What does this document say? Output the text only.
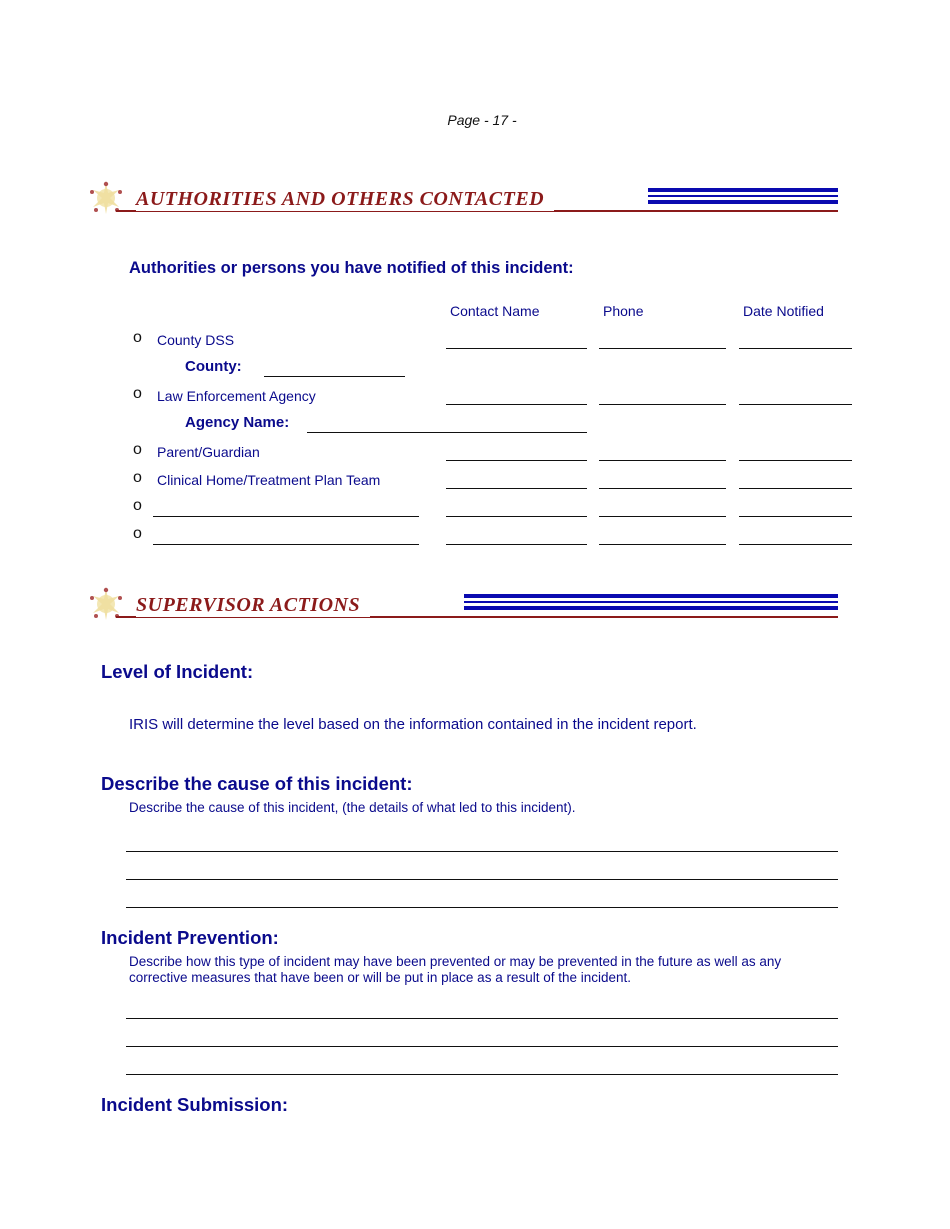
Page - 17 -
AUTHORITIES AND OTHERS CONTACTED
Authorities or persons you have notified of this incident:
Contact Name	Phone	Date Notified
o County DSS
County:
o Law Enforcement Agency
Agency Name:
o Parent/Guardian
o Clinical Home/Treatment Plan Team
o
o
SUPERVISOR ACTIONS
Level of Incident:
IRIS will determine the level based on the information contained in the incident report.
Describe the cause of this incident:
Describe the cause of this incident, (the details of what led to this incident).
Incident Prevention:
Describe how this type of incident may have been prevented or may be prevented in the future as well as any
corrective measures that have been or will be put in place as a result of the incident.
Incident Submission:
